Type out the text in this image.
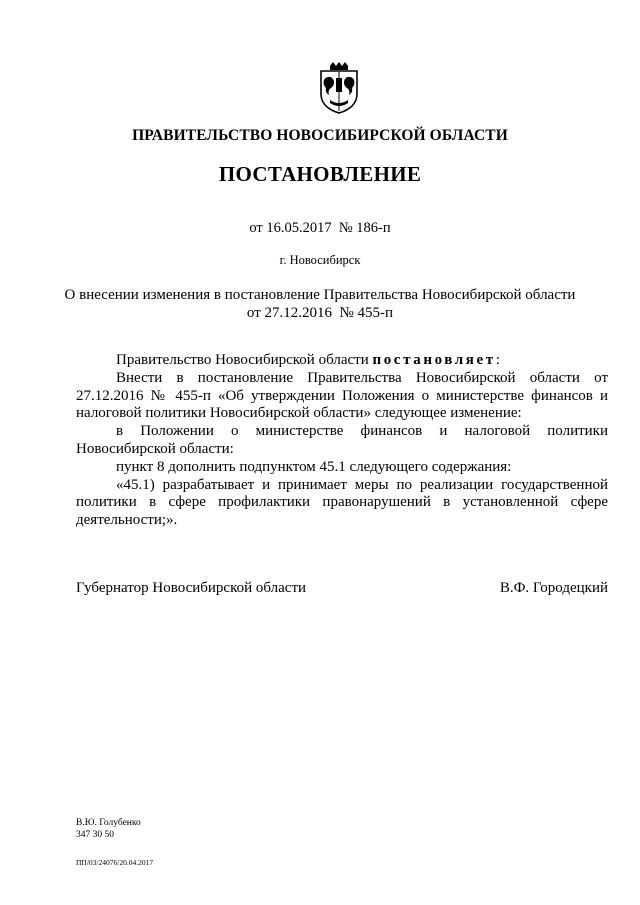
ПРАВИТЕЛЬСТВО НОВОСИБИРСКОЙ ОБЛАСТИ
ПОСТАНОВЛЕНИЕ
от 16.05.2017  № 186-п
г. Новосибирск
О внесении изменения в постановление Правительства Новосибирской области
от 27.12.2016  № 455-п

Правительство Новосибирской области постановляет:

Внести в постановление Правительства Новосибирской области от 27.12.2016 № 455-п «Об утверждении Положения о министерстве финансов и налоговой политики Новосибирской области» следующее изменение:

в Положении о министерстве финансов и налоговой политики Новосибирской области:

пункт 8 дополнить подпунктом 45.1 следующего содержания:

«45.1) разрабатывает и принимает меры по реализации государственной политики в сфере профилактики правонарушений в установленной сфере деятельности;».

Губернатор Новосибирской области	В.Ф. Городецкий
В.Ю. Голубенко
347 30 50
ПП/03/24076/20.04.2017
